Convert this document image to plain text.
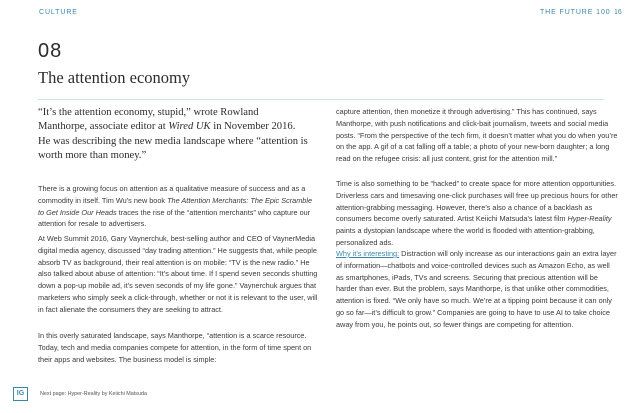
CULTURE	THE FUTURE 100 16
08
The attention economy
“It’s the attention economy, stupid,” wrote Rowland Manthorpe, associate editor at Wired UK in November 2016. He was describing the new media landscape where “attention is worth more than money.”
There is a growing focus on attention as a qualitative measure of success and as a commodity in itself. Tim Wu’s new book The Attention Merchants: The Epic Scramble to Get Inside Our Heads traces the rise of the “attention merchants” who capture our attention for resale to advertisers.
At Web Summit 2016, Gary Vaynerchuk, best-selling author and CEO of VaynerMedia digital media agency, discussed “day trading attention.” He suggests that, while people absorb TV as background, their real attention is on mobile: “TV is the new radio.” He also talked about abuse of attention: “It’s about time. If I spend seven seconds shutting down a pop-up mobile ad, it’s seven seconds of my life gone.” Vaynerchuk argues that marketers who simply seek a click-through, whether or not it is relevant to the user, will in fact alienate the consumers they are seeking to attract.
In this overly saturated landscape, says Manthorpe, “attention is a scarce resource. Today, tech and media companies compete for attention, in the form of time spent on their apps and websites. The business model is simple:
capture attention, then monetize it through advertising.” This has continued, says Manthorpe, with push notifications and click-bait journalism, tweets and social media posts. “From the perspective of the tech firm, it doesn’t matter what you do when you’re on the app. A gif of a cat falling off a table; a photo of your new-born daughter; a long read on the refugee crisis: all just content, grist for the attention mill.”
Time is also something to be “hacked” to create space for more attention opportunities. Driverless cars and timesaving one-click purchases will free up precious hours for other attention-grabbing messaging. However, there’s also a chance of a backlash as consumers become overly saturated. Artist Keiichi Matsuda’s latest film Hyper-Reality paints a dystopian landscape where the world is flooded with attention-grabbing, personalized ads.
Why it’s interesting: Distraction will only increase as our interactions gain an extra layer of information—chatbots and voice-controlled devices such as Amazon Echo, as well as smartphones, iPads, TVs and screens. Securing that precious attention will be harder than ever. But the problem, says Manthorpe, is that unlike other commodities, attention is fixed. “We only have so much. We’re at a tipping point because it can only go so far—it’s difficult to grow.” Companies are going to have to use AI to take choice away from you, he points out, so fewer things are competing for attention.
IG	Next page: Hyper-Reality by Keiichi Matsuda
